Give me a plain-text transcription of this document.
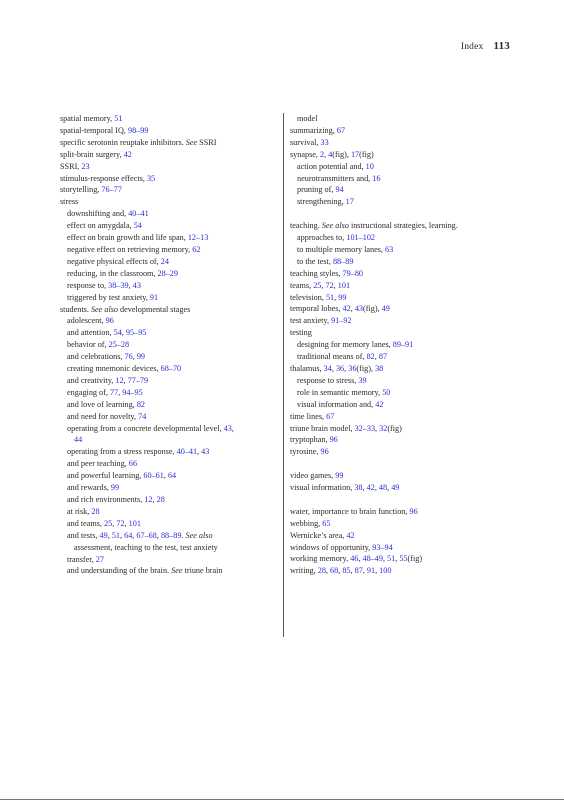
Index 113
spatial memory, 51
spatial-temporal IQ, 98–99
specific serotonin reuptake inhibitors. See SSRI
split-brain surgery, 42
SSRI, 23
stimulus-response effects, 35
storytelling, 76–77
stress
downshifting and, 40–41
effect on amygdala, 54
effect on brain growth and life span, 12–13
negative effect on retrieving memory, 62
negative physical effects of, 24
reducing, in the classroom, 28–29
response to, 38–39, 43
triggered by test anxiety, 91
students. See also developmental stages
adolescent, 96
and attention, 54, 95–95
behavior of, 25–28
and celebrations, 76, 99
creating mnemonic devices, 68–70
and creativity, 12, 77–79
engaging of, 77, 94–95
and love of learning, 82
and need for novelty, 74
operating from a concrete developmental level, 43,
44
operating from a stress response, 40–41, 43
and peer teaching, 66
and powerful learning, 60–61, 64
and rewards, 99
and rich environments, 12, 28
at risk, 28
and teams, 25, 72, 101
and tests, 49, 51, 64, 67–68, 88–89. See also
assessment, teaching to the test, test anxiety
transfer, 27
and understanding of the brain. See triune brain
model
summarizing, 67
survival, 33
synapse, 2, 4(fig), 17(fig)
action potential and, 10
neurotransmitters and, 16
pruning of, 94
strengthening, 17
teaching. See also instructional strategies, learning.
approaches to, 101–102
to multiple memory lanes, 63
to the test, 88–89
teaching styles, 79–80
teams, 25, 72, 101
television, 51, 99
temporal lobes, 42, 43(fig), 49
test anxiety, 91–92
testing
designing for memory lanes, 89–91
traditional means of, 82, 87
thalamus, 34, 36, 36(fig), 38
response to stress, 39
role in semantic memory, 50
visual information and, 42
time lines, 67
triune brain model, 32–33, 32(fig)
tryptophan, 96
tyrosine, 96
video games, 99
visual information, 38, 42, 48, 49
water, importance to brain function, 96
webbing, 65
Wernicke’s area, 42
windows of opportunity, 93–94
working memory, 46, 48–49, 51, 55(fig)
writing, 28, 68, 85, 87, 91, 100
